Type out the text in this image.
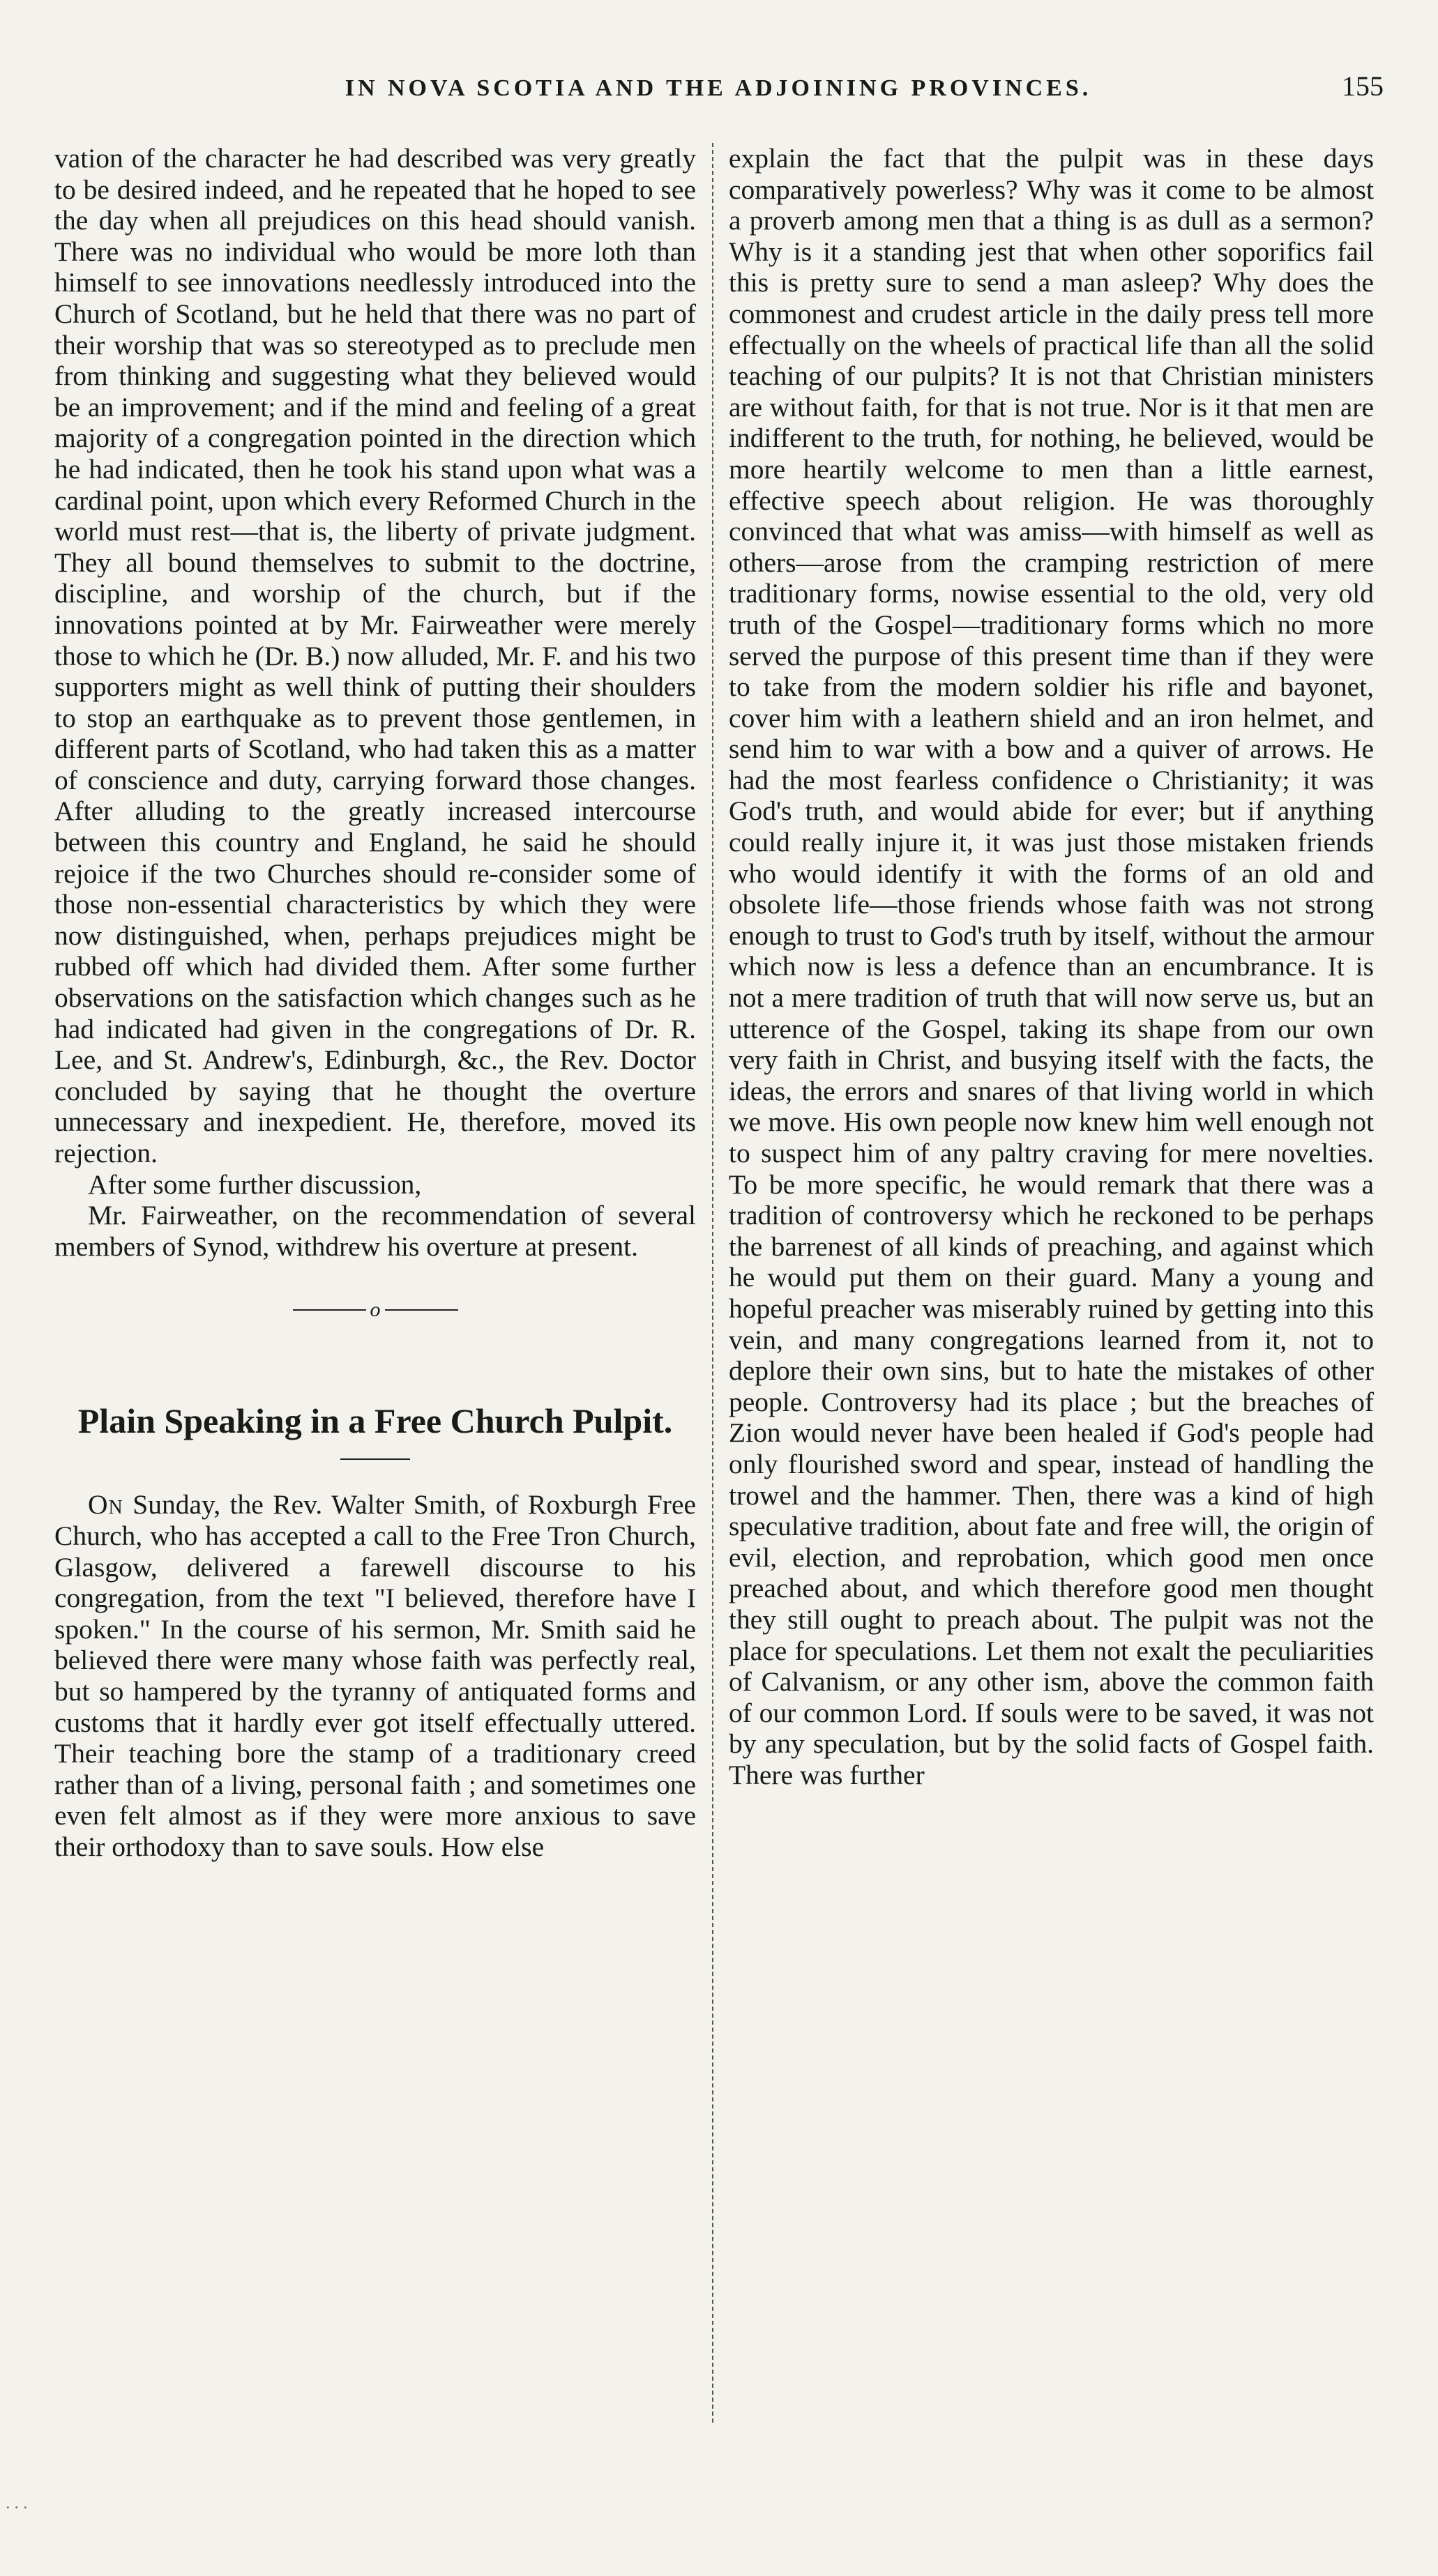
IN NOVA SCOTIA AND THE ADJOINING PROVINCES.	155

vation of the character he had described was very greatly to be desired indeed, and he repeated that he hoped to see the day when all prejudices on this head should vanish. There was no individual who would be more loth than himself to see innovations needlessly introduced into the Church of Scotland, but he held that there was no part of their worship that was so stereotyped as to preclude men from thinking and suggesting what they believed would be an improvement; and if the mind and feeling of a great majority of a congregation pointed in the direction which he had indicated, then he took his stand upon what was a cardinal point, upon which every Reformed Church in the world must rest—that is, the liberty of private judgment. They all bound themselves to submit to the doctrine, discipline, and worship of the church, but if the innovations pointed at by Mr. Fairweather were merely those to which he (Dr. B.) now alluded, Mr. F. and his two supporters might as well think of putting their shoulders to stop an earthquake as to prevent those gentlemen, in different parts of Scotland, who had taken this as a matter of conscience and duty, carrying forward those changes. After alluding to the greatly increased intercourse between this country and England, he said he should rejoice if the two Churches should re-consider some of those non-essential characteristics by which they were now distinguished, when, perhaps prejudices might be rubbed off which had divided them. After some further observations on the satisfaction which changes such as he had indicated had given in the congregations of Dr. R. Lee, and St. Andrew's, Edinburgh, &c., the Rev. Doctor concluded by saying that he thought the overture unnecessary and inexpedient. He, therefore, moved its rejection.

After some further discussion,

Mr. Fairweather, on the recommendation of several members of Synod, withdrew his overture at present.

o
Plain Speaking in a Free Church Pulpit.

On Sunday, the Rev. Walter Smith, of Roxburgh Free Church, who has accepted a call to the Free Tron Church, Glasgow, delivered a farewell discourse to his congregation, from the text "I believed, therefore have I spoken." In the course of his sermon, Mr. Smith said he believed there were many whose faith was perfectly real, but so hampered by the tyranny of antiquated forms and customs that it hardly ever got itself effectually uttered. Their teaching bore the stamp of a traditionary creed rather than of a living, personal faith ; and sometimes one even felt almost as if they were more anxious to save their orthodoxy than to save souls. How else

explain the fact that the pulpit was in these days comparatively powerless? Why was it come to be almost a proverb among men that a thing is as dull as a sermon? Why is it a standing jest that when other soporifics fail this is pretty sure to send a man asleep? Why does the commonest and crudest article in the daily press tell more effectually on the wheels of practical life than all the solid teaching of our pulpits? It is not that Christian ministers are without faith, for that is not true. Nor is it that men are indifferent to the truth, for nothing, he believed, would be more heartily welcome to men than a little earnest, effective speech about religion. He was thoroughly convinced that what was amiss—with himself as well as others—arose from the cramping restriction of mere traditionary forms, nowise essential to the old, very old truth of the Gospel—traditionary forms which no more served the purpose of this present time than if they were to take from the modern soldier his rifle and bayonet, cover him with a leathern shield and an iron helmet, and send him to war with a bow and a quiver of arrows. He had the most fearless confidence o Christianity; it was God's truth, and would abide for ever; but if anything could really injure it, it was just those mistaken friends who would identify it with the forms of an old and obsolete life—those friends whose faith was not strong enough to trust to God's truth by itself, without the armour which now is less a defence than an encumbrance. It is not a mere tradition of truth that will now serve us, but an utterence of the Gospel, taking its shape from our own very faith in Christ, and busying itself with the facts, the ideas, the errors and snares of that living world in which we move. His own people now knew him well enough not to suspect him of any paltry craving for mere novelties. To be more specific, he would remark that there was a tradition of controversy which he reckoned to be perhaps the barrenest of all kinds of preaching, and against which he would put them on their guard. Many a young and hopeful preacher was miserably ruined by getting into this vein, and many congregations learned from it, not to deplore their own sins, but to hate the mistakes of other people. Controversy had its place ; but the breaches of Zion would never have been healed if God's people had only flourished sword and spear, instead of handling the trowel and the hammer. Then, there was a kind of high speculative tradition, about fate and free will, the origin of evil, election, and reprobation, which good men once preached about, and which therefore good men thought they still ought to preach about. The pulpit was not the place for speculations. Let them not exalt the peculiarities of Calvanism, or any other ism, above the common faith of our common Lord. If souls were to be saved, it was not by any speculation, but by the solid facts of Gospel faith. There was further

...
